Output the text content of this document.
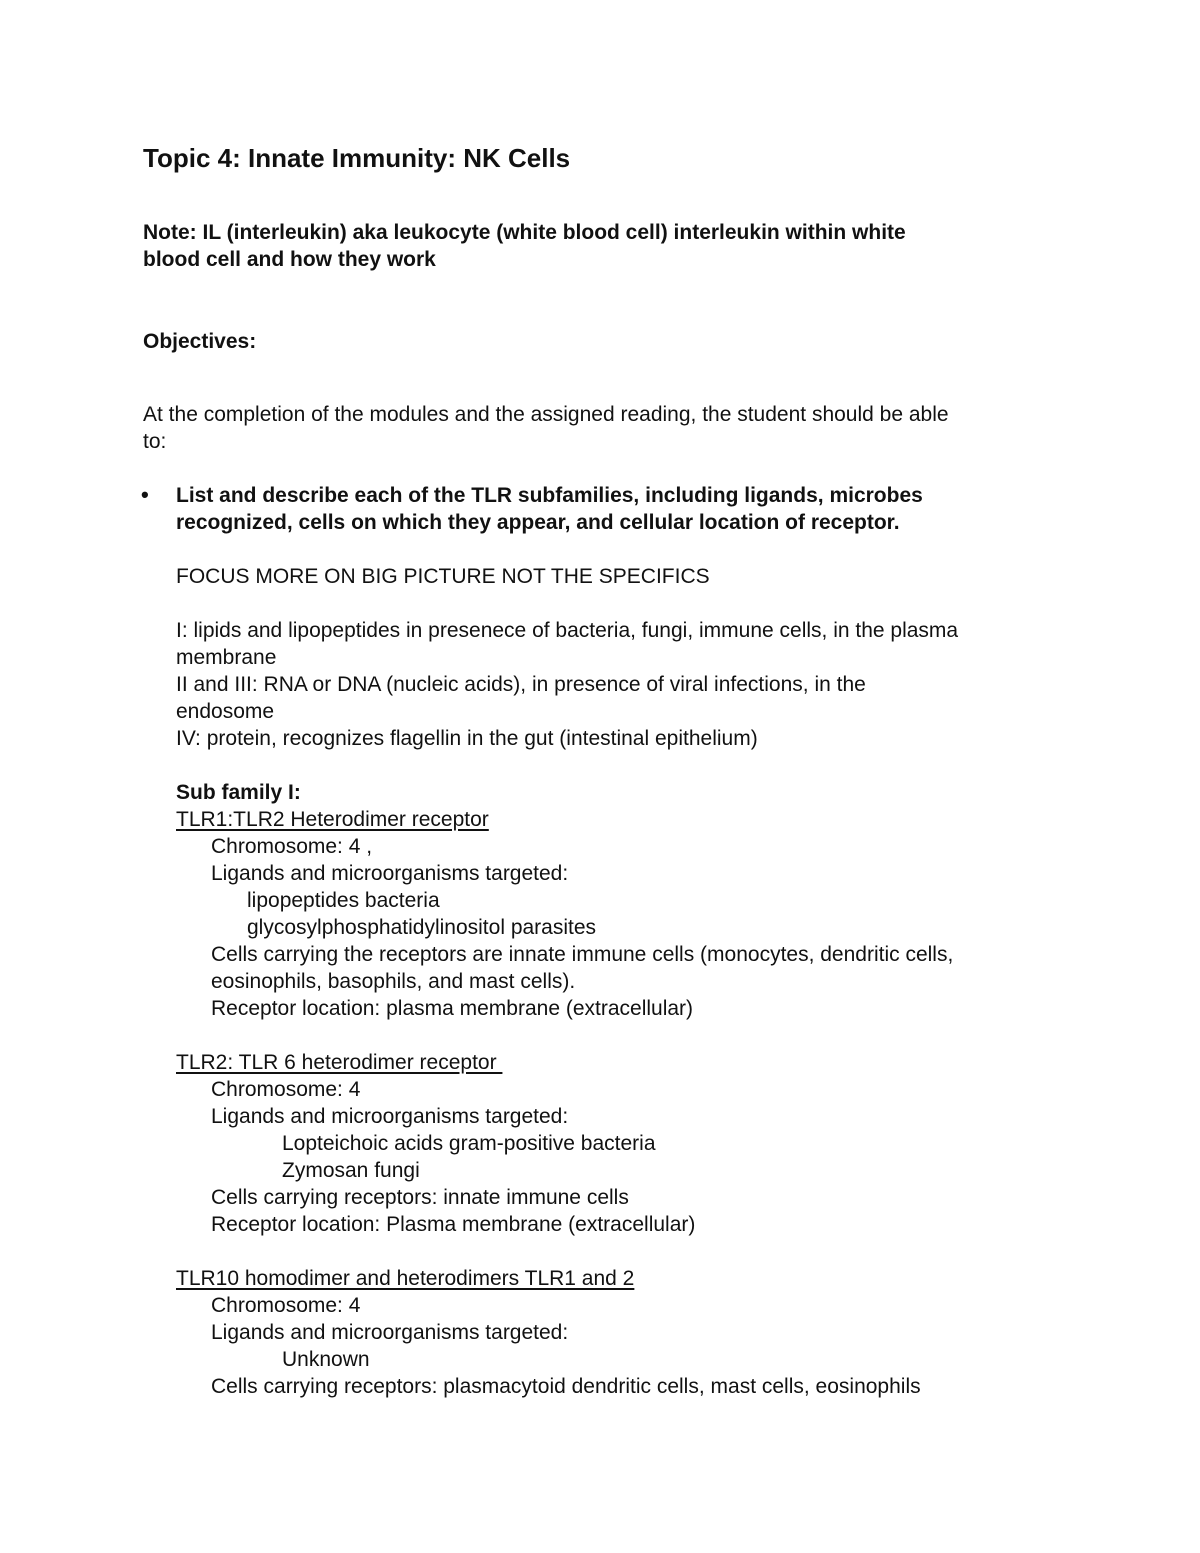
Topic 4: Innate Immunity: NK Cells
Note: IL (interleukin) aka leukocyte (white blood cell) interleukin within white
blood cell and how they work
Objectives:
At the completion of the modules and the assigned reading, the student should be able
to:
• List and describe each of the TLR subfamilies, including ligands, microbes
recognized, cells on which they appear, and cellular location of receptor.
FOCUS MORE ON BIG PICTURE NOT THE SPECIFICS
I: lipids and lipopeptides in presenece of bacteria, fungi, immune cells, in the plasma
membrane
II and III: RNA or DNA (nucleic acids), in presence of viral infections, in the
endosome
IV: protein, recognizes flagellin in the gut (intestinal epithelium)
Sub family I:
TLR1:TLR2 Heterodimer receptor
Chromosome: 4 ,
Ligands and microorganisms targeted:
lipopeptides bacteria
glycosylphosphatidylinositol parasites
Cells carrying the receptors are innate immune cells (monocytes, dendritic cells,
eosinophils, basophils, and mast cells).
Receptor location: plasma membrane (extracellular)
TLR2: TLR 6 heterodimer receptor
Chromosome: 4
Ligands and microorganisms targeted:
Lopteichoic acids gram-positive bacteria
Zymosan fungi
Cells carrying receptors: innate immune cells
Receptor location: Plasma membrane (extracellular)
TLR10 homodimer and heterodimers TLR1 and 2
Chromosome: 4
Ligands and microorganisms targeted:
Unknown
Cells carrying receptors: plasmacytoid dendritic cells, mast cells, eosinophils
